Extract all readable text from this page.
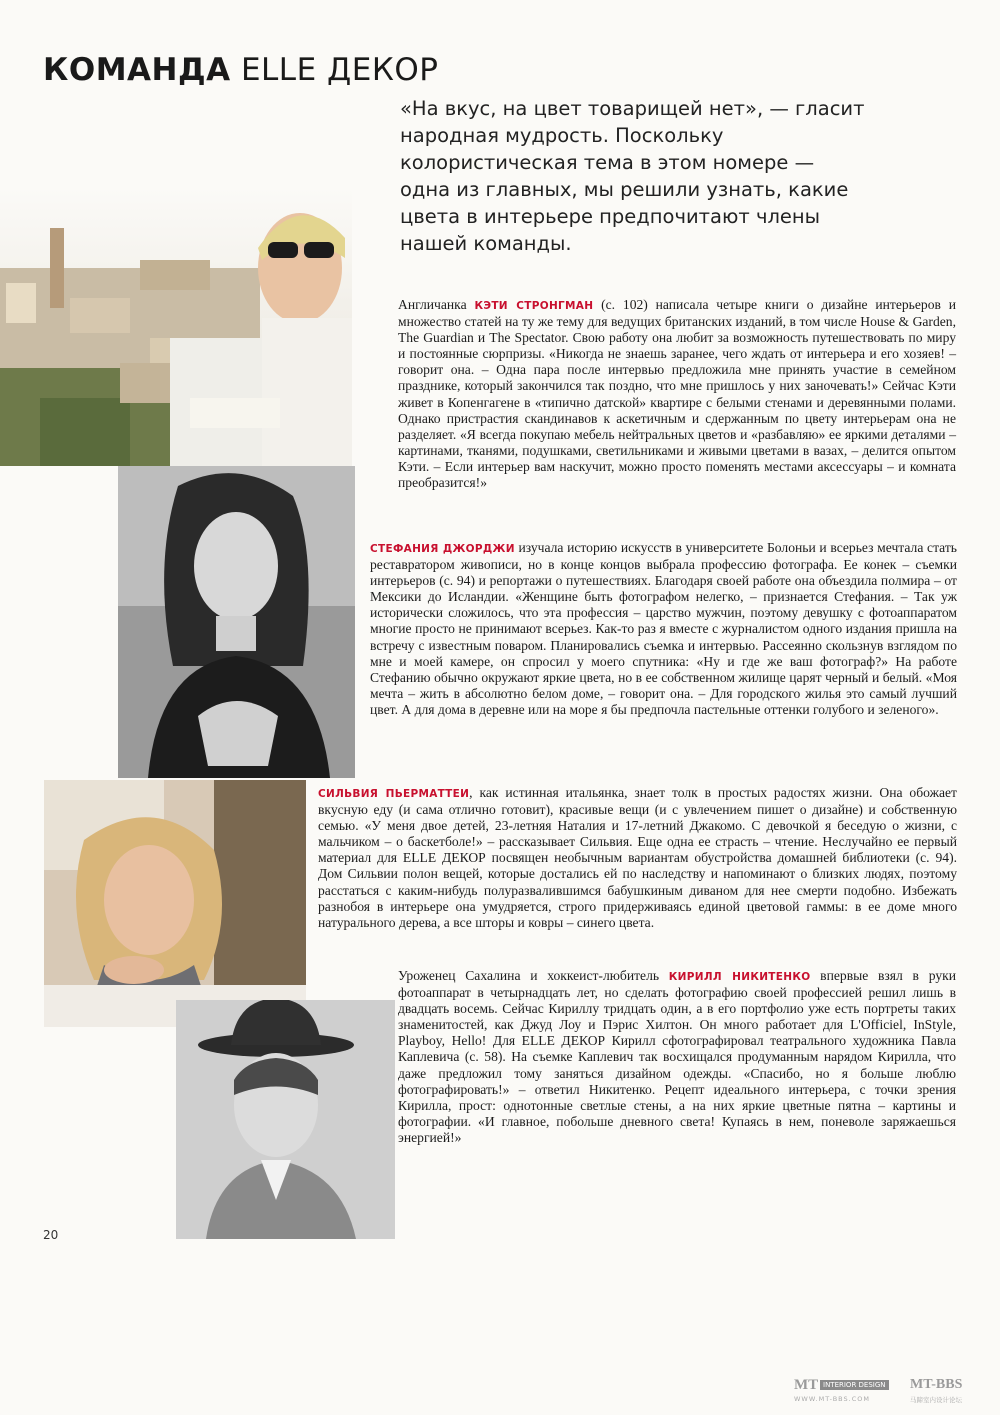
КОМАНДА ELLE ДЕКОР
«На вкус, на цвет товарищей нет», — гласит народная мудрость. Поскольку колористическая тема в этом номере — одна из главных, мы решили узнать, какие цвета в интерьере предпочитают члены нашей команды.

Англичанка КЭТИ СТРОНГМАН (с. 102) написала четыре книги о дизайне интерьеров и множество статей на ту же тему для ведущих британских изданий, в том числе House & Garden, The Guardian и The Spectator. Свою работу она любит за возможность путешествовать по миру и постоянные сюрпризы. «Никогда не знаешь заранее, чего ждать от интерьера и его хозяев! – говорит она. – Одна пара после интервью предложила мне принять участие в семейном празднике, который закончился так поздно, что мне пришлось у них заночевать!» Сейчас Кэти живет в Копенгагене в «типично датской» квартире с белыми стенами и деревянными полами. Однако пристрастия скандинавов к аскетичным и сдержанным по цвету интерьерам она не разделяет. «Я всегда покупаю мебель нейтральных цветов и «разбавляю» ее яркими деталями – картинами, тканями, подушками, светильниками и живыми цветами в вазах, – делится опытом Кэти. – Если интерьер вам наскучит, можно просто поменять местами аксессуары – и комната преобразится!»

СТЕФАНИЯ ДЖОРДЖИ изучала историю искусств в университете Болоньи и всерьез мечтала стать реставратором живописи, но в конце концов выбрала профессию фотографа. Ее конек – съемки интерьеров (с. 94) и репортажи о путешествиях. Благодаря своей работе она объездила полмира – от Мексики до Исландии. «Женщине быть фотографом нелегко, – признается Стефания. – Так уж исторически сложилось, что эта профессия – царство мужчин, поэтому девушку с фотоаппаратом многие просто не принимают всерьез. Как-то раз я вместе с журналистом одного издания пришла на встречу с известным поваром. Планировались съемка и интервью. Рассеянно скользнув взглядом по мне и моей камере, он спросил у моего спутника: «Ну и где же ваш фотограф?» На работе Стефанию обычно окружают яркие цвета, но в ее собственном жилище царят черный и белый. «Моя мечта – жить в абсолютно белом доме, – говорит она. – Для городского жилья это самый лучший цвет. А для дома в деревне или на море я бы предпочла пастельные оттенки голубого и зеленого».

СИЛЬВИЯ ПЬЕРМАТТЕИ, как истинная итальянка, знает толк в простых радостях жизни. Она обожает вкусную еду (и сама отлично готовит), красивые вещи (и с увлечением пишет о дизайне) и собственную семью. «У меня двое детей, 23-летняя Наталия и 17-летний Джакомо. С девочкой я беседую о жизни, с мальчиком – о баскетболе!» – рассказывает Сильвия. Еще одна ее страсть – чтение. Неслучайно ее первый материал для ELLE ДЕКОР посвящен необычным вариантам обустройства домашней библиотеки (с. 94). Дом Сильвии полон вещей, которые достались ей по наследству и напоминают о близких людях, поэтому расстаться с каким-нибудь полуразвалившимся бабушкиным диваном для нее смерти подобно. Избежать разнобоя в интерьере она умудряется, строго придерживаясь единой цветовой гаммы: в ее доме много натурального дерева, а все шторы и ковры – синего цвета.

Уроженец Сахалина и хоккеист-любитель КИРИЛЛ НИКИТЕНКО впервые взял в руки фотоаппарат в четырнадцать лет, но сделать фотографию своей профессией решил лишь в двадцать восемь. Сейчас Кириллу тридцать один, а в его портфолио уже есть портреты таких знаменитостей, как Джуд Лоу и Пэрис Хилтон. Он много работает для L'Officiel, InStyle, Playboy, Hello! Для ELLE ДЕКОР Кирилл сфотографировал театрального художника Павла Каплевича (с. 58). На съемке Каплевич так восхищался продуманным нарядом Кирилла, что даже предложил тому заняться дизайном одежды. «Спасибо, но я больше люблю фотографировать!» – ответил Никитенко. Рецепт идеального интерьера, с точки зрения Кирилла, прост: однотонные светлые стены, а на них яркие цветные пятна – картины и фотографии. «И главное, побольше дневного света! Купаясь в нем, поневоле заряжаешься энергией!»

20
MT INTERIOR DESIGN MT-BBS
WWW.MT-BBS.COM	马蹄室内设计论坛
